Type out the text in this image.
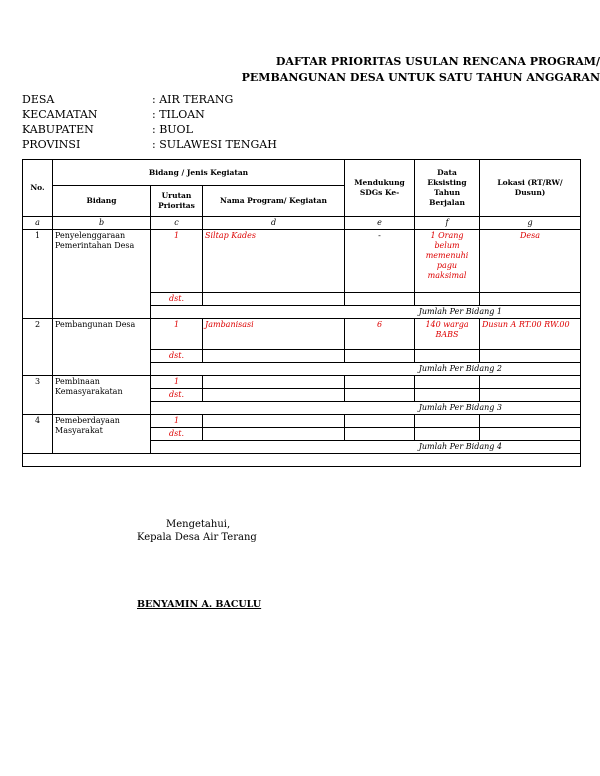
DAFTAR PRIORITAS USULAN RENCANA PROGRAM/
PEMBANGUNAN DESA UNTUK SATU TAHUN ANGGARAN
DESA	: AIR TERANG
KECAMATAN	: TILOAN
KABUPATEN	: BUOL
PROVINSI	: SULAWESI TENGAH
No.	Bidang / Jenis Kegiatan			Mendukung SDGs Ke-	Data Eksisting Tahun Berjalan	Lokasi (RT/RW/ Dusun)
	Bidang	Urutan Prioritas	Nama Program/ Kegiatan			
a	b	c	d	e	f	g
1	Penyelenggaraan Pemerintahan Desa	1	Siltap Kades	-	1 Orang belum memenuhi pagu maksimal	Desa
		dst.				
		Jumlah Per Bidang 1				
2	Pembangunan Desa	1	Jambanisasi	6	140 warga BABS	Dusun A RT.00 RW.00
		dst.				
		Jumlah Per Bidang 2				
3	Pembinaan Kemasyarakatan	1				
		dst.				
		Jumlah Per Bidang 3				
4	Pemeberdayaan Masyarakat	1				
		dst.				
		Jumlah Per Bidang 4				

Mengetahui,
Kepala Desa Air Terang
BENYAMIN A. BACULU
